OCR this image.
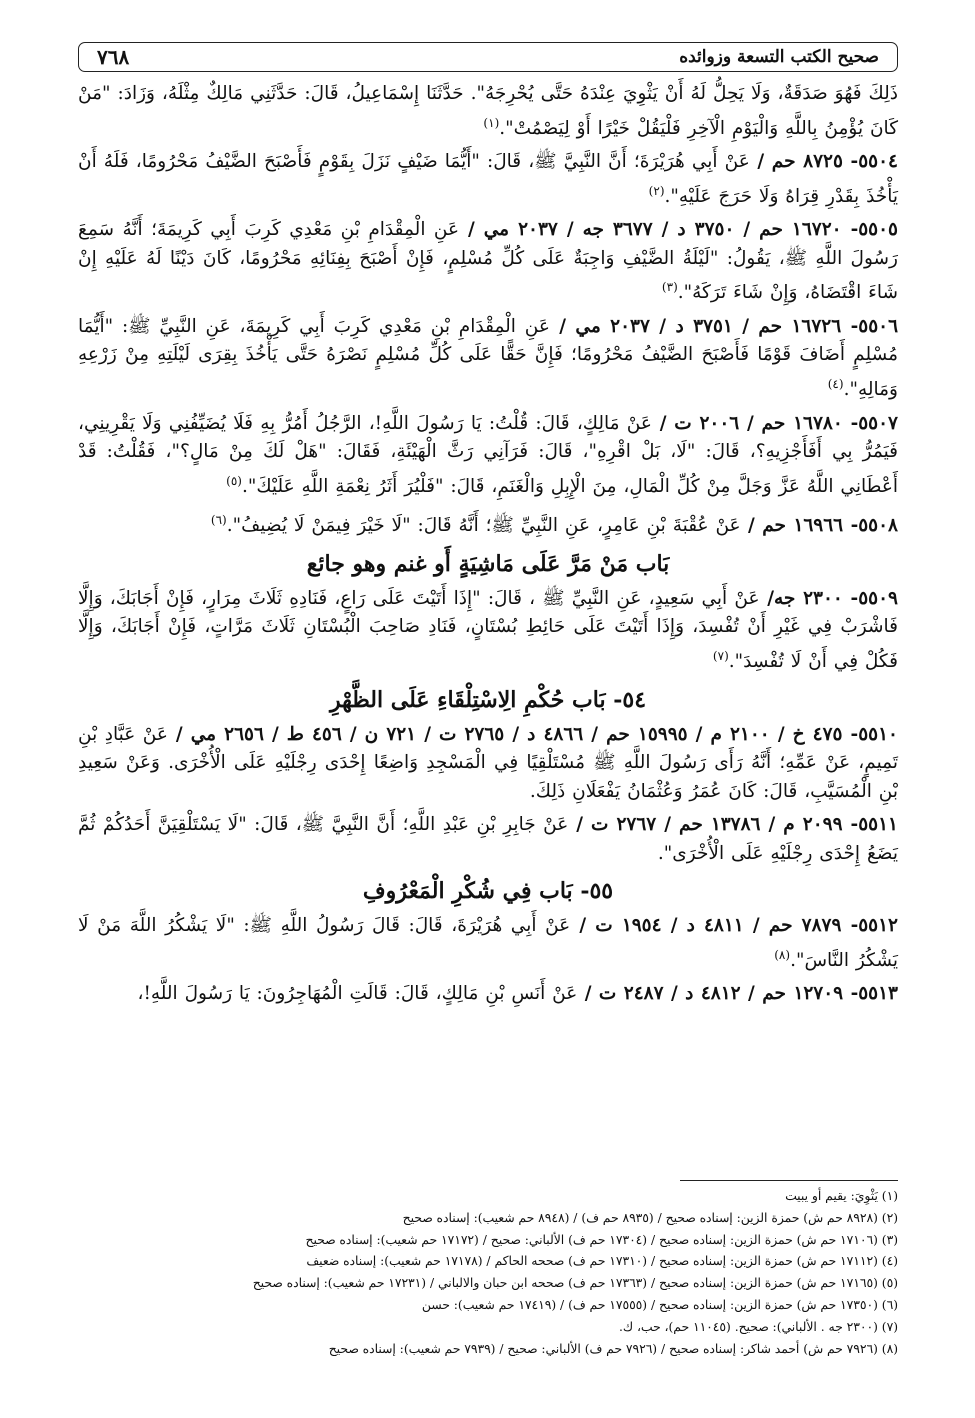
صحيح الكتب التسعة وزوائده
٧٦٨

ذَلِكَ فَهُوَ صَدَقَةٌ، وَلَا يَحِلُّ لَهُ أَنْ يَثْوِيَ عِنْدَهُ حَتَّى يُحْرِجَهُ". حَدَّثَنَا إِسْمَاعِيلُ، قَالَ: حَدَّثَنِي مَالِكٌ مِثْلَهُ، وَزَادَ: "مَنْ كَانَ يُؤْمِنُ بِاللَّهِ وَالْيَوْمِ الْآخِرِ فَلْيَقُلْ خَيْرًا أَوْ لِيَصْمُتْ".$^{(١)}$

٥٥٠٤- ٨٧٢٥ حم / عَنْ أَبِي هُرَيْرَةَ؛ أَنَّ النَّبِيَّ ﷺ، قَالَ: "أَيُّمَا ضَيْفٍ نَزَلَ بِقَوْمٍ فَأَصْبَحَ الضَّيْفُ مَحْرُومًا، فَلَهُ أَنْ يَأْخُذَ بِقَدْرِ قِرَاهُ وَلَا حَرَجَ عَلَيْهِ".$^{(٢)}$

٥٥٠٥- ١٦٧٢٠ حم / ٣٧٥٠ د / ٣٦٧٧ جه / ٢٠٣٧ مي / عَنِ الْمِقْدَامِ بْنِ مَعْدِي كَرِبَ أَبِي كَرِيمَةَ؛ أَنَّهُ سَمِعَ رَسُولَ اللَّهِ ﷺ، يَقُولُ: "لَيْلَةُ الضَّيْفِ وَاجِبَةٌ عَلَى كُلِّ مُسْلِمٍ، فَإِنْ أَصْبَحَ بِفِنَائِهِ مَحْرُومًا، كَانَ دَيْنًا لَهُ عَلَيْهِ إِنْ شَاءَ اقْتَضَاهُ، وَإِنْ شَاءَ تَرَكَهُ".$^{(٣)}$

٥٥٠٦- ١٦٧٢٦ حم / ٣٧٥١ د / ٢٠٣٧ مي / عَنِ الْمِقْدَامِ بْنِ مَعْدِي كَرِبَ أَبِي كَرِيمَةَ، عَنِ النَّبِيِّ ﷺ: "أَيُّمَا مُسْلِمٍ أَضَافَ قَوْمًا فَأَصْبَحَ الضَّيْفُ مَحْرُومًا؛ فَإِنَّ حَقًّا عَلَى كُلِّ مُسْلِمٍ نَصْرَهُ حَتَّى يَأْخُذَ بِقِرَى لَيْلَتِهِ مِنْ زَرْعِهِ وَمَالِهِ".$^{(٤)}$

٥٥٠٧- ١٦٧٨٠ حم / ٢٠٠٦ ت / عَنْ مَالِكٍ، قَالَ: قُلْتُ: يَا رَسُولَ اللَّهِ!، الرَّجُلُ أَمُرُّ بِهِ فَلَا يُضَيِّفُنِي وَلَا يَقْرِينِي، فَيَمُرُّ بِي أَفَأَجْزِيهِ؟، قَالَ: "لَا، بَلْ اقْرِهِ"، قَالَ: فَرَآنِي رَثَّ الْهَيْئَةِ، فَقَالَ: "هَلْ لَكَ مِنْ مَالٍ؟"، فَقُلْتُ: قَدْ أَعْطَانِي اللَّهُ عَزَّ وَجَلَّ مِنْ كُلِّ الْمَالِ، مِنَ الْإِبِلِ وَالْغَنَمِ، قَالَ: "فَلْيُرَ أَثَرُ نِعْمَةِ اللَّهِ عَلَيْكَ".$^{(٥)}$

٥٥٠٨- ١٦٩٦٦ حم / عَنْ عُقْبَةَ بْنِ عَامِرٍ، عَنِ النَّبِيِّ ﷺ؛ أَنَّهُ قَالَ: "لَا خَيْرَ فِيمَنْ لَا يُضِيفُ".$^{(٦)}$

بَاب مَنْ مَرَّ عَلَى مَاشِيَةٍ أَو غنم وهو جائع

٥٥٠٩- ٢٣٠٠ جه/ عَنْ أَبِي سَعِيدٍ، عَنِ النَّبِيِّ ﷺ ، قَالَ: "إِذَا أَتَيْتَ عَلَى رَاعٍ، فَنَادِهِ ثَلَاثَ مِرَارٍ، فَإِنْ أَجَابَكَ، وَإِلَّا فَاشْرَبْ فِي غَيْرِ أَنْ تُفْسِدَ، وَإِذَا أَتَيْتَ عَلَى حَائِطِ بُسْتَانٍ، فَنَادِ صَاحِبَ الْبُسْتَانِ ثَلَاثَ مَرَّاتٍ، فَإِنْ أَجَابَكَ، وَإِلَّا فَكُلْ فِي أَنْ لَا تُفْسِدَ".$^{(٧)}$

٥٤- بَاب حُكْمِ الِاسْتِلْقَاءِ عَلَى الظَّهْرِ

٥٥١٠- ٤٧٥ خ / ٢١٠٠ م / ١٥٩٩٥ حم / ٤٨٦٦ د / ٢٧٦٥ ت / ٧٢١ ن / ٤٥٦ ط / ٢٦٥٦ مي / عَنْ عَبَّادِ بْنِ تَمِيمٍ، عَنْ عَمِّهِ؛ أَنَّهُ رَأَى رَسُولَ اللَّهِ ﷺ مُسْتَلْقِيًا فِي الْمَسْجِدِ وَاضِعًا إِحْدَى رِجْلَيْهِ عَلَى الْأُخْرَى. وَعَنْ سَعِيدِ بْنِ الْمُسَيَّبِ، قَالَ: كَانَ عُمَرُ وَعُثْمَانُ يَفْعَلَانِ ذَلِكَ.

٥٥١١- ٢٠٩٩ م / ١٣٧٨٦ حم / ٢٧٦٧ ت / عَنْ جَابِرِ بْنِ عَبْدِ اللَّهِ؛ أَنَّ النَّبِيَّ ﷺ، قَالَ: "لَا يَسْتَلْقِيَنَّ أَحَدُكُمْ ثُمَّ يَضَعُ إِحْدَى رِجْلَيْهِ عَلَى الْأُخْرَى".

٥٥- بَاب فِي شُكْرِ الْمَعْرُوفِ

٥٥١٢- ٧٨٧٩ حم / ٤٨١١ د / ١٩٥٤ ت / عَنْ أَبِي هُرَيْرَةَ، قَالَ: قَالَ رَسُولُ اللَّهِ ﷺ: "لَا يَشْكُرُ اللَّهَ مَنْ لَا يَشْكُرُ النَّاسَ".$^{(٨)}$

٥٥١٣- ١٢٧٠٩ حم / ٤٨١٢ د / ٢٤٨٧ ت / عَنْ أَنَسِ بْنِ مَالِكٍ، قَالَ: قَالَتِ الْمُهَاجِرُونَ: يَا رَسُولَ اللَّهِ!،

(١) يَثْوِيَ: يقيم أو يبيت
(٢) (٨٩٢٨ حم ش) حمزة الزين: إسناده صحيح / (٨٩٣٥ حم ف) / (٨٩٤٨ حم شعيب): إسناده صحيح
(٣) (١٧١٠٦ حم ش) حمزة الزين: إسناده صحيح / (١٧٣٠٤ حم ف) الألباني: صحيح / (١٧١٧٢ حم شعيب): إسناده صحيح
(٤) (١٧١١٢ حم ش) حمزة الزين: إسناده صحيح / (١٧٣١٠ حم ف) صححه الحاكم / (١٧١٧٨ حم شعيب): إسناده ضعيف
(٥) (١٧١٦٥ حم ش) حمزة الزين: إسناده صحيح / (١٧٣٦٣ حم ف) صححه ابن حبان والالباني / (١٧٢٣١ حم شعيب): إسناده صحيح
(٦) (١٧٣٥٠ حم ش) حمزة الزين: إسناده صحيح / (١٧٥٥٥ حم ف) / (١٧٤١٩ حم شعيب): حسن
(٧) (٢٣٠٠ جه . الألباني): صحيح. (١١٠٤٥ حم)، حب، ك.
(٨) (٧٩٢٦ حم ش) أحمد شاكر: إسناده صحيح / (٧٩٢٦ حم ف) الألباني: صحيح / (٧٩٣٩ حم شعيب): إسناده صحيح
